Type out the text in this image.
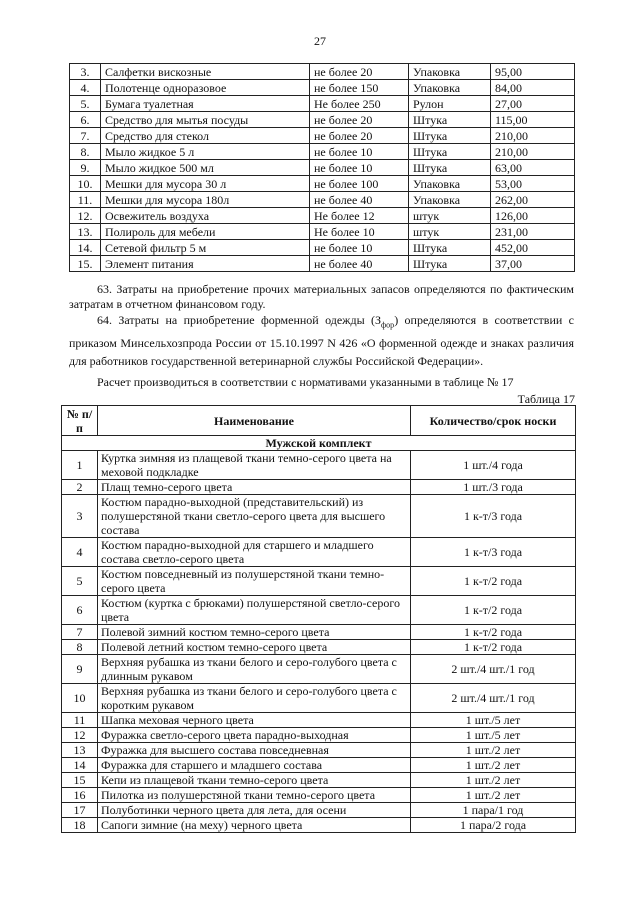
27
3.	Салфетки вискозные	не более 20	Упаковка	95,00
4.	Полотенце одноразовое	не более 150	Упаковка	84,00
5.	Бумага туалетная	Не более 250	Рулон	27,00
6.	Средство для мытья посуды	не более 20	Штука	115,00
7.	Средство для стекол	не более 20	Штука	210,00
8.	Мыло жидкое 5 л	не более 10	Штука	210,00
9.	Мыло жидкое 500 мл	не более 10	Штука	63,00
10.	Мешки для мусора 30 л	не более 100	Упаковка	53,00
11.	Мешки для мусора 180л	не более 40	Упаковка	262,00
12.	Освежитель воздуха	Не более 12	штук	126,00
13.	Полироль для мебели	Не более 10	штук	231,00
14.	Сетевой фильтр 5 м	не более 10	Штука	452,00
15.	Элемент питания	не более 40	Штука	37,00
63. Затраты на приобретение прочих материальных запасов определяются по фактическим затратам в отчетном финансовом году.
64. Затраты на приобретение форменной одежды $(З_{фор})$ определяются в соответствии с приказом Минсельхозпрода России от 15.10.1997 N 426 «О форменной одежде и знаках различия для работников государственной ветеринарной службы Российской Федерации».
Расчет производиться в соответствии с нормативами указанными в таблице № 17
Таблица 17
№ п/п	Наименование	Количество/срок носки
Мужской комплект		
1	Куртка зимняя из плащевой ткани темно-серого цвета на меховой подкладке	1 шт./4 года
2	Плащ темно-серого цвета	1 шт./3 года
3	Костюм парадно-выходной (представительский) из полушерстяной ткани светло-серого цвета для высшего состава	1 к-т/3 года
4	Костюм парадно-выходной для старшего и младшего состава светло-серого цвета	1 к-т/3 года
5	Костюм повседневный из полушерстяной ткани темно-серого цвета	1 к-т/2 года
6	Костюм (куртка с брюками) полушерстяной светло-серого цвета	1 к-т/2 года
7	Полевой зимний костюм темно-серого цвета	1 к-т/2 года
8	Полевой летний костюм темно-серого цвета	1 к-т/2 года
9	Верхняя рубашка из ткани белого и серо-голубого цвета с длинным рукавом	2 шт./4 шт./1 год
10	Верхняя рубашка из ткани белого и серо-голубого цвета с коротким рукавом	2 шт./4 шт./1 год
11	Шапка меховая черного цвета	1 шт./5 лет
12	Фуражка светло-серого цвета парадно-выходная	1 шт./5 лет
13	Фуражка для высшего состава повседневная	1 шт./2 лет
14	Фуражка для старшего и младшего состава	1 шт./2 лет
15	Кепи из плащевой ткани темно-серого цвета	1 шт./2 лет
16	Пилотка из полушерстяной ткани темно-серого цвета	1 шт./2 лет
17	Полуботинки черного цвета для лета, для осени	1 пара/1 год
18	Сапоги зимние (на меху) черного цвета	1 пара/2 года
